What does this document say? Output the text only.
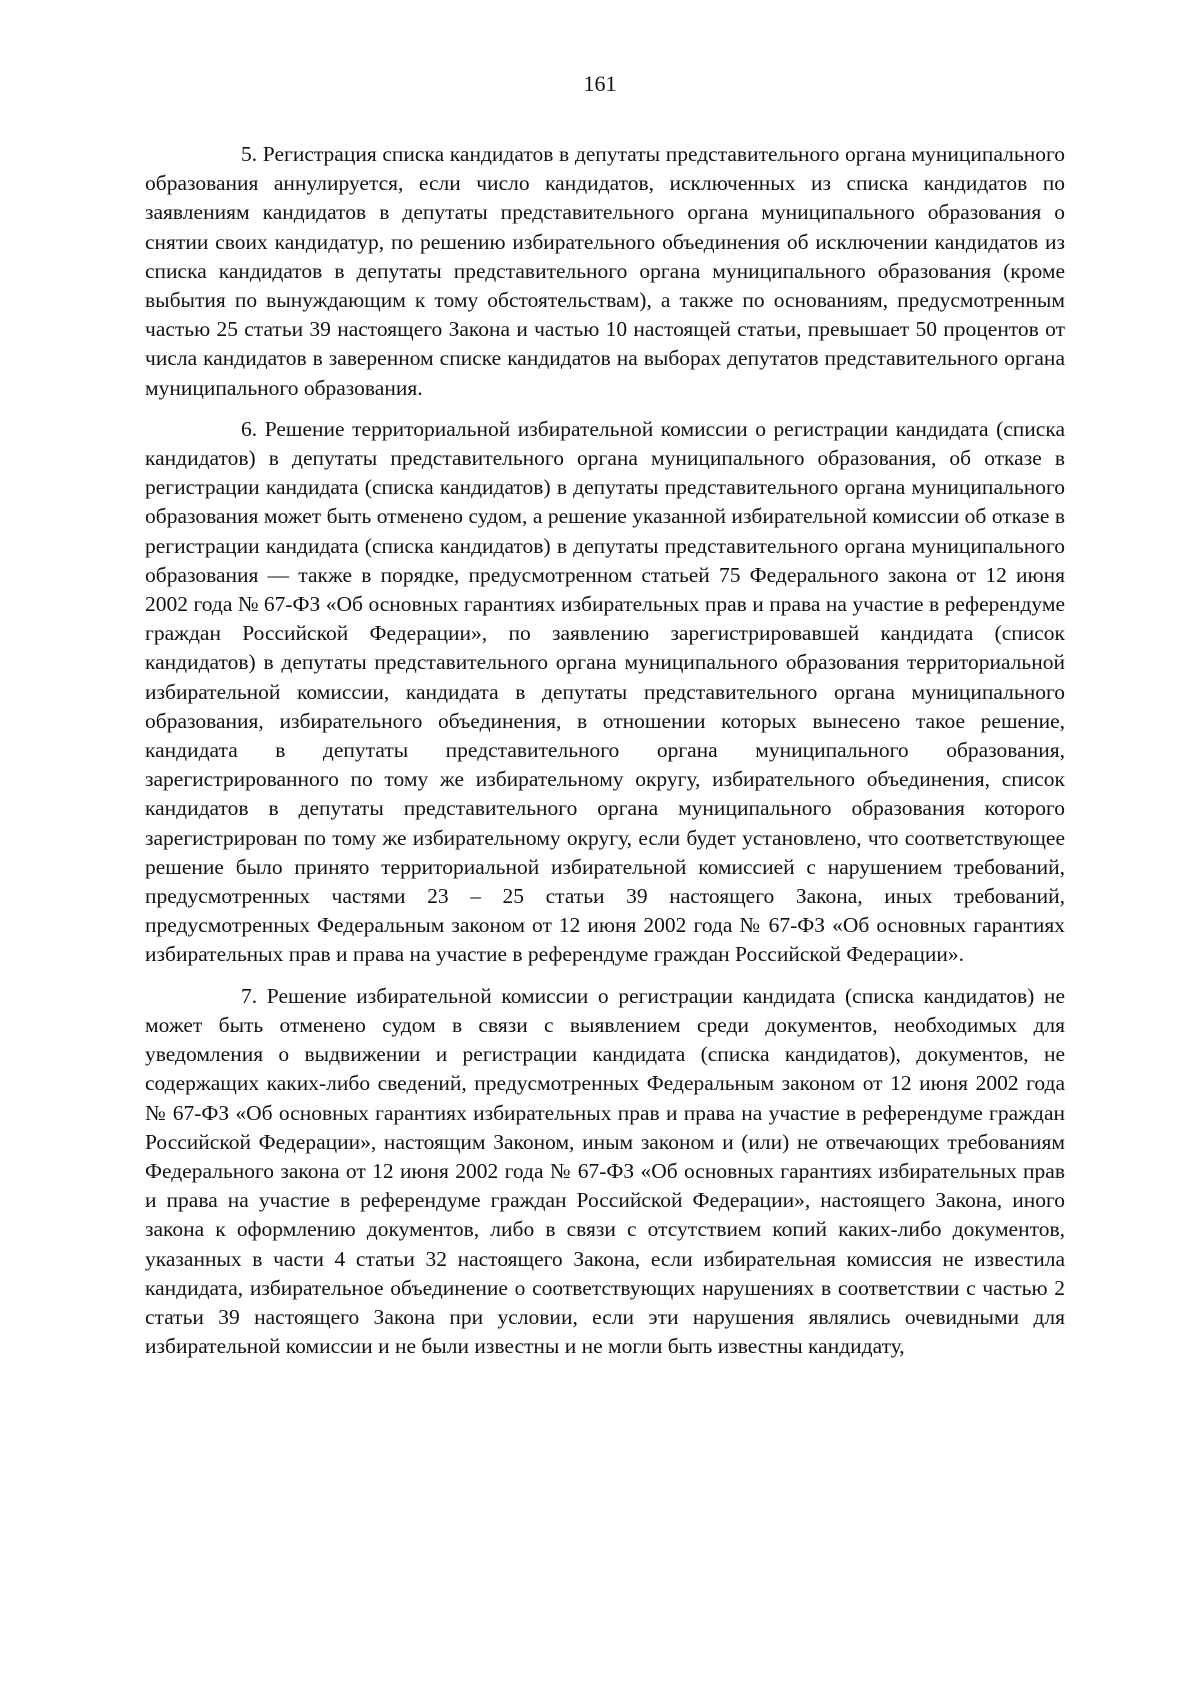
161

5. Регистрация списка кандидатов в депутаты представительного органа муниципального образования аннулируется, если число кандидатов, исключенных из списка кандидатов по заявлениям кандидатов в депутаты представительного органа муниципального образования о снятии своих кандидатур, по решению избирательного объединения об исключении кандидатов из списка кандидатов в депутаты представительного органа муниципального образования (кроме выбытия по вынуждающим к тому обстоятельствам), а также по основаниям, предусмотренным частью 25 статьи 39 настоящего Закона и частью 10 настоящей статьи, превышает 50 процентов от числа кандидатов в заверенном списке кандидатов на выборах депутатов представительного органа муниципального образования.

6. Решение территориальной избирательной комиссии о регистрации кандидата (списка кандидатов) в депутаты представительного органа муниципального образования, об отказе в регистрации кандидата (списка кандидатов) в депутаты представительного органа муниципального образования может быть отменено судом, а решение указанной избирательной комиссии об отказе в регистрации кандидата (списка кандидатов) в депутаты представительного органа муниципального образования — также в порядке, предусмотренном статьей 75 Федерального закона от 12 июня 2002 года № 67-ФЗ «Об основных гарантиях избирательных прав и права на участие в референдуме граждан Российской Федерации», по заявлению зарегистрировавшей кандидата (список кандидатов) в депутаты представительного органа муниципального образования территориальной избирательной комиссии, кандидата в депутаты представительного органа муниципального образования, избирательного объединения, в отношении которых вынесено такое решение, кандидата в депутаты представительного органа муниципального образования, зарегистрированного по тому же избирательному округу, избирательного объединения, список кандидатов в депутаты представительного органа муниципального образования которого зарегистрирован по тому же избирательному округу, если будет установлено, что соответствующее решение было принято территориальной избирательной комиссией с нарушением требований, предусмотренных частями 23 – 25 статьи 39 настоящего Закона, иных требований, предусмотренных Федеральным законом от 12 июня 2002 года № 67-ФЗ «Об основных гарантиях избирательных прав и права на участие в референдуме граждан Российской Федерации».

7. Решение избирательной комиссии о регистрации кандидата (списка кандидатов) не может быть отменено судом в связи с выявлением среди документов, необходимых для уведомления о выдвижении и регистрации кандидата (списка кандидатов), документов, не содержащих каких-либо сведений, предусмотренных Федеральным законом от 12 июня 2002 года № 67-ФЗ «Об основных гарантиях избирательных прав и права на участие в референдуме граждан Российской Федерации», настоящим Законом, иным законом и (или) не отвечающих требованиям Федерального закона от 12 июня 2002 года № 67-ФЗ «Об основных гарантиях избирательных прав и права на участие в референдуме граждан Российской Федерации», настоящего Закона, иного закона к оформлению документов, либо в связи с отсутствием копий каких-либо документов, указанных в части 4 статьи 32 настоящего Закона, если избирательная комиссия не известила кандидата, избирательное объединение о соответствующих нарушениях в соответствии с частью 2 статьи 39 настоящего Закона при условии, если эти нарушения являлись очевидными для избирательной комиссии и не были известны и не могли быть известны кандидату,
